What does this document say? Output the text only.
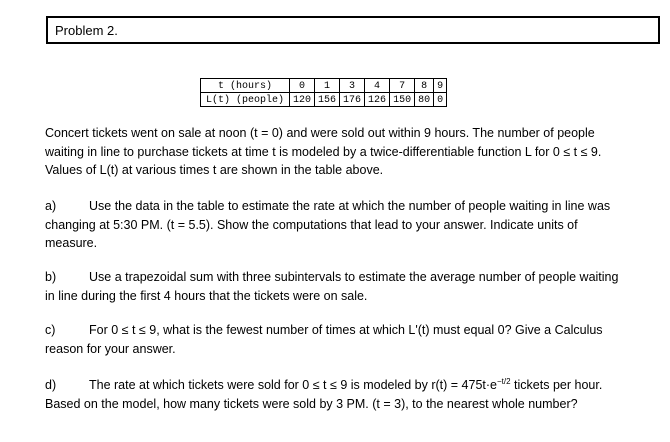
Problem 2.
t (hours)	0	1	3	4	7	8	9
L(t) (people)	120	156	176	126	150	80	0
Concert tickets went on sale at noon (t = 0) and were sold out within 9 hours. The number of people
waiting in line to purchase tickets at time t is modeled by a twice-differentiable function L for 0 ≤ t ≤ 9.
Values of L(t) at various times t are shown in the table above.
a)	Use the data in the table to estimate the rate at which the number of people waiting in line was
changing at 5:30 PM. (t = 5.5). Show the computations that lead to your answer. Indicate units of
measure.
b)	Use a trapezoidal sum with three subintervals to estimate the average number of people waiting
in line during the first 4 hours that the tickets were on sale.
c)	For 0 ≤ t ≤ 9, what is the fewest number of times at which L'(t) must equal 0? Give a Calculus
reason for your answer.
d)	The rate at which tickets were sold for 0 ≤ t ≤ 9 is modeled by $r(t) = 475t\cdot e^{-t/2}$ tickets per hour.
Based on the model, how many tickets were sold by 3 PM. (t = 3), to the nearest whole number?
